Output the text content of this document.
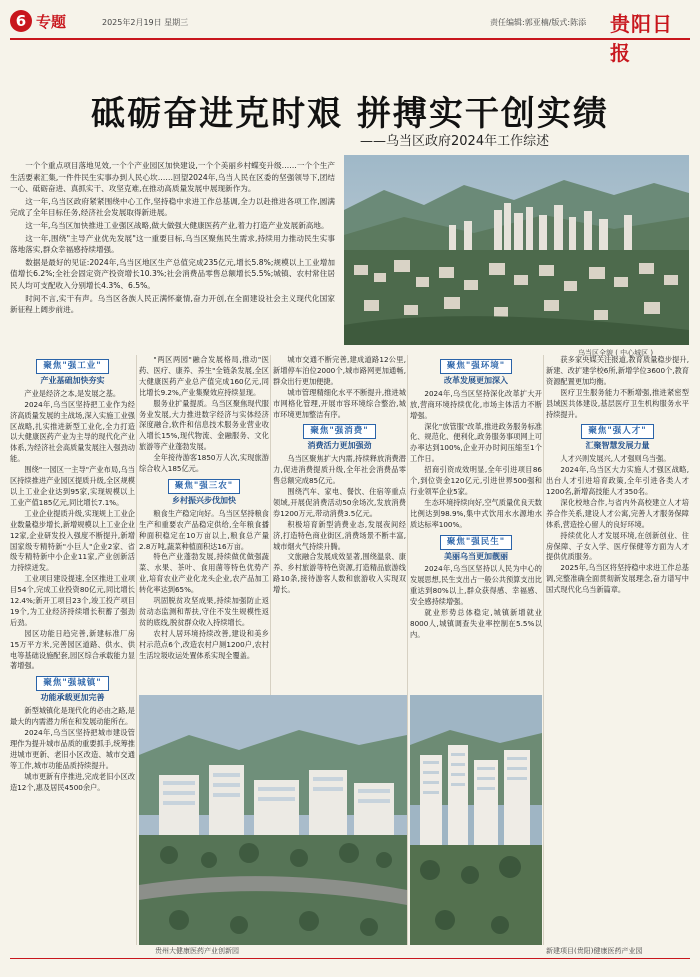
6 专题	2025年2月19日 星期三	责任编辑:郭亚楠/版式:陈添 贵阳日报
砥砺奋进克时艰 拼搏实干创实绩
——乌当区政府2024年工作综述

一个个重点项目落地见效,一个个产业园区加快建设,一个个美丽乡村蝶变升级……一个个生产生活要素汇集,一件件民生实事办到人民心坎……回望2024年,乌当人民在区委的坚强领导下,团结一心、砥砺奋进、真抓实干、攻坚克难,在推动高质量发展中展现新作为。

这一年,乌当区政府紧紧围绕中心工作,坚持稳中求进工作总基调,全力以赴推进各项工作,圆满完成了全年目标任务,经济社会发展取得新进展。

这一年,乌当区加快推进工业强区战略,做大做强大健康医药产业,着力打造产业发展新高地。

这一年,围绕"主导产业优先发展"这一重要目标,乌当区聚焦民生需求,持续用力推动民生实事落地落实,群众幸福感持续增强。

数据是最好的见证:2024年,乌当区地区生产总值完成235亿元,增长5.8%;规模以上工业增加值增长6.2%;全社会固定资产投资增长10.3%;社会消费品零售总额增长5.5%;城镇、农村常住居民人均可支配收入分别增长4.3%、6.5%。

时间不言,实干有声。乌当区各族人民正满怀豪情,奋力开创,在全面建设社会主义现代化国家新征程上阔步前进。

乌当区全貌 ( 中心城区 )
聚焦"强工业"
产业基础加快夯实

产业是经济之本,是发展之基。

2024年,乌当区坚持把工业作为经济高质量发展的主战场,深入实施工业强区战略,扎实推进新型工业化,全力打造以大健康医药产业为主导的现代化产业体系,为经济社会高质量发展注入强劲动能。

围绕"一园区一主导"产业布局,乌当区持续推进产业园区提质升级,全区规模以上工业企业达到95家,实现规模以上工业产值185亿元,同比增长7.1%。

工业企业提质升级,实现规上工业企业数量稳步增长,新增规模以上工业企业12家,企业研发投入强度不断提升,新增国家级专精特新"小巨人"企业2家、省级专精特新中小企业11家,产业创新活力持续迸发。

工业项目建设提速,全区推进工业项目54个,完成工业投资80亿元,同比增长12.4%;新开工项目23个,竣工投产项目19个,为工业经济持续增长积蓄了强劲后劲。

园区功能日趋完善,新建标准厂房15万平方米,完善园区道路、供水、供电等基础设施配套,园区综合承载能力显著增强。

聚焦"强城镇"
功能承载更加完善

新型城镇化是现代化的必由之路,是最大的内需潜力所在和发展动能所在。

2024年,乌当区坚持把城市建设管理作为提升城市品质的重要抓手,统筹推进城市更新、老旧小区改造、城市交通等工作,城市功能品质持续提升。

城市更新有序推进,完成老旧小区改造12个,惠及居民4500余户。

"两区两园"融合发展格局,推动"医药、医疗、康养、养生"全链条发展,全区大健康医药产业总产值完成160亿元,同比增长9.2%,产业集聚效应持续显现。

服务业扩量提质。乌当区聚焦现代服务业发展,大力推进数字经济与实体经济深度融合,软件和信息技术服务业营业收入增长15%,现代物流、金融服务、文化旅游等产业蓬勃发展。

全年接待游客1850万人次,实现旅游综合收入185亿元。

聚焦"强三农"
乡村振兴步伐加快

粮食生产稳定向好。乌当区坚持粮食生产和重要农产品稳定供给,全年粮食播种面积稳定在10万亩以上,粮食总产量2.8万吨,蔬菜种植面积达16万亩。

特色产业蓬勃发展,持续做优做强蔬菜、水果、茶叶、食用菌等特色优势产业,培育农业产业化龙头企业,农产品加工转化率达到65%。

巩固脱贫攻坚成果,持续加强防止返贫动态监测和帮扶,守住不发生规模性返贫的底线,脱贫群众收入持续增长。

农村人居环境持续改善,建设和美乡村示范点6个,改造农村户厕1200户,农村生活垃圾收运处置体系实现全覆盖。

城市交通不断完善,建成道路12公里,新增停车泊位2000个,城市路网更加通畅,群众出行更加便捷。

城市管理精细化水平不断提升,推进城市网格化管理,开展市容环境综合整治,城市环境更加整洁有序。

聚焦"强消费"
消费活力更加强劲

乌当区聚焦扩大内需,持续释放消费潜力,促进消费提质升级,全年社会消费品零售总额完成85亿元。

围绕汽车、家电、餐饮、住宿等重点领域,开展促消费活动50余场次,发放消费券1200万元,带动消费3.5亿元。

积极培育新型消费业态,发展夜间经济,打造特色商业街区,消费场景不断丰富,城市烟火气持续升腾。

文旅融合发展成效显著,围绕温泉、康养、乡村旅游等特色资源,打造精品旅游线路10条,接待游客人数和旅游收入实现双增长。

聚焦"强环境"
改革发展更加深入

2024年,乌当区坚持深化改革扩大开放,营商环境持续优化,市场主体活力不断增强。

深化"放管服"改革,推进政务服务标准化、规范化、便利化,政务服务事项网上可办率达到100%,企业开办时间压缩至1个工作日。

招商引资成效明显,全年引进项目86个,到位资金120亿元,引进世界500强和行业领军企业5家。

生态环境持续向好,空气质量优良天数比例达到98.9%,集中式饮用水水源地水质达标率100%。

聚焦"强民生"
美丽乌当更加靓丽

2024年,乌当区坚持以人民为中心的发展思想,民生支出占一般公共预算支出比重达到80%以上,群众获得感、幸福感、安全感持续增强。

就业形势总体稳定,城镇新增就业8000人,城镇调查失业率控制在5.5%以内。

获多家央媒关注报道,教育质量稳步提升,新建、改扩建学校6所,新增学位3600个,教育资源配置更加均衡。

医疗卫生服务能力不断增强,推进紧密型县域医共体建设,基层医疗卫生机构服务水平持续提升。

聚焦"强人才"
汇聚智慧发展力量

人才兴则发展兴,人才强则乌当强。

2024年,乌当区大力实施人才强区战略,出台人才引进培育政策,全年引进各类人才1200名,新增高技能人才350名。

深化校地合作,与省内外高校建立人才培养合作关系,建设人才公寓,完善人才服务保障体系,营造拴心留人的良好环境。

持续优化人才发展环境,在创新创业、住房保障、子女入学、医疗保健等方面为人才提供优质服务。

2025年,乌当区将坚持稳中求进工作总基调,完整准确全面贯彻新发展理念,奋力谱写中国式现代化乌当新篇章。

贵州大健康医药产业创新园	新建项目(贵阳)健康医药产业园
